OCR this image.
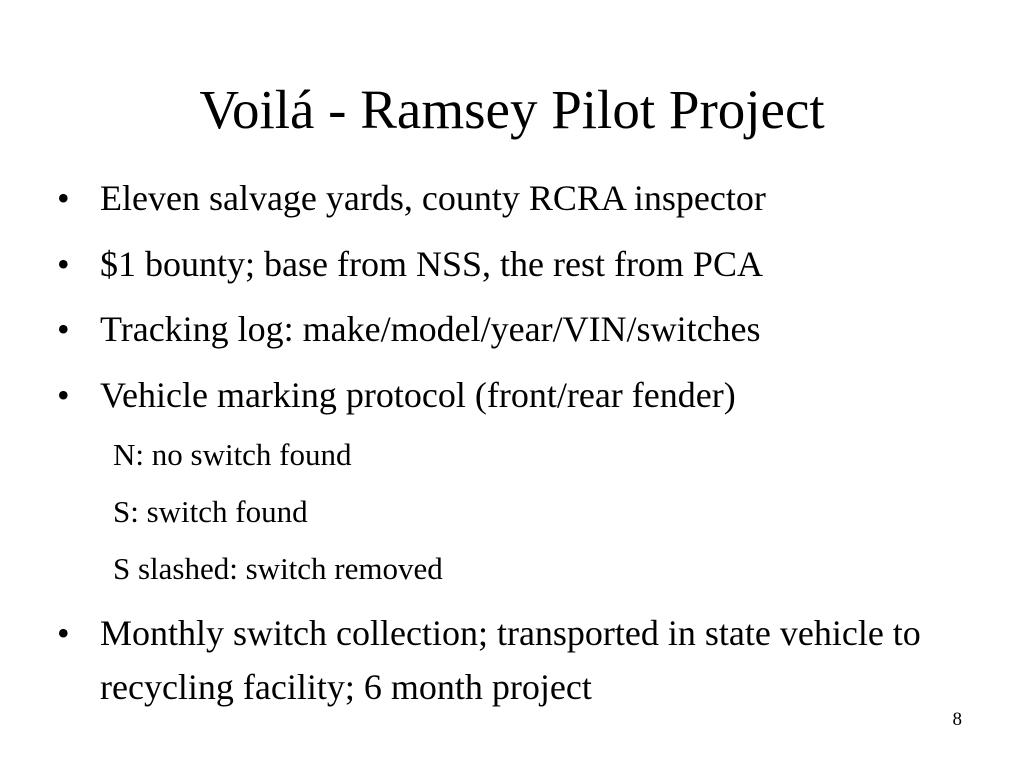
Voilá - Ramsey Pilot Project
• Eleven salvage yards, county RCRA inspector
• $1 bounty; base from NSS, the rest from PCA
• Tracking log: make/model/year/VIN/switches
• Vehicle marking protocol (front/rear fender)
N: no switch found
S: switch found
S slashed: switch removed
• Monthly switch collection; transported in state vehicle to recycling facility; 6 month project
8
